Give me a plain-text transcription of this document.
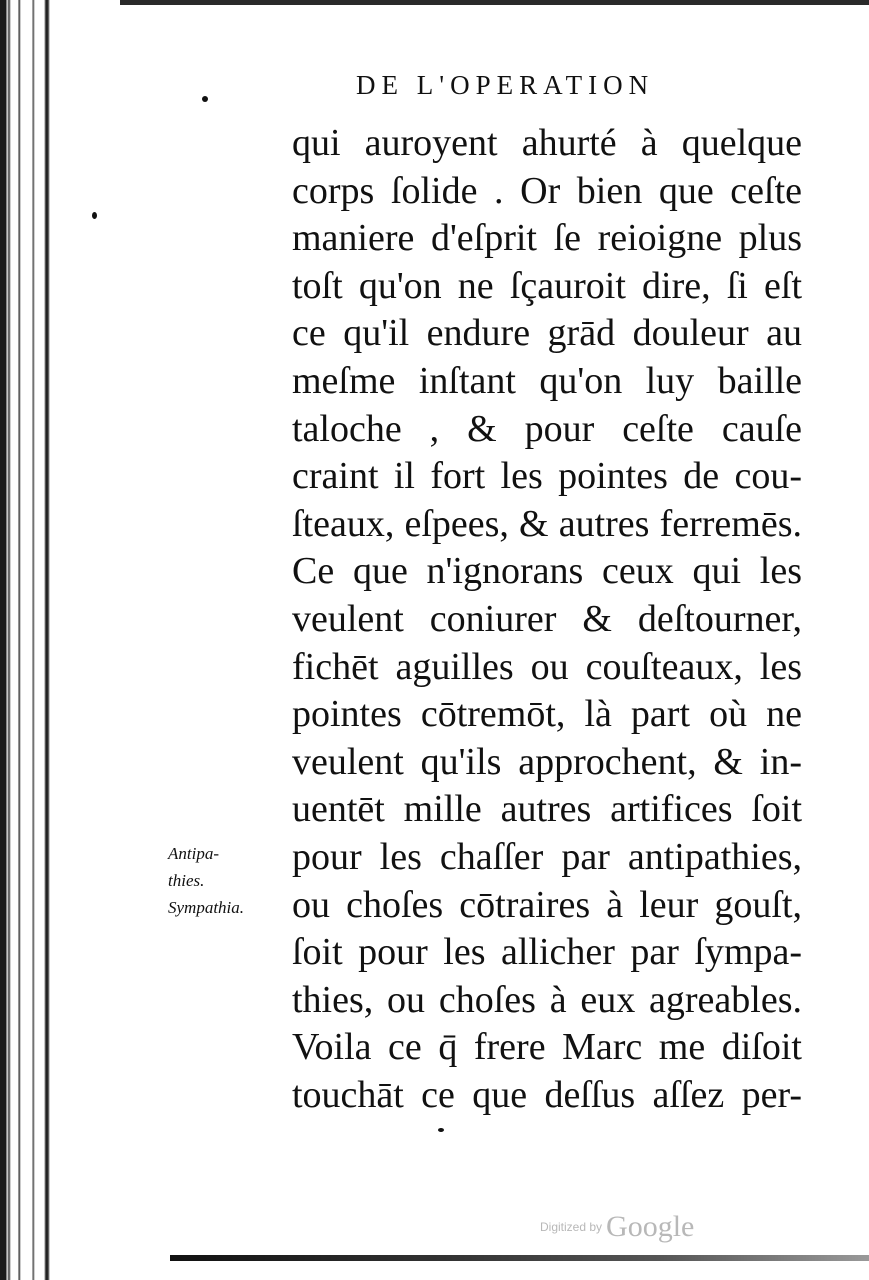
DE L'OPERATION
qui auroyent ahurté à quelque
corps ſolide . Or bien que ceſte
maniere d'eſprit ſe reioigne plus
toſt qu'on ne ſçauroit dire, ſi eſt
ce qu'il endure grād douleur au
meſme inſtant qu'on luy baille
taloche , & pour ceſte cauſe
craint il fort les pointes de cou-
ſteaux, eſpees, & autres ferremēs.
Ce que n'ignorans ceux qui les
veulent coniurer & deſtourner,
fichēt aguilles ou couſteaux, les
pointes cōtremōt, là part où ne
veulent qu'ils approchent, & in-
uentēt mille autres artifices ſoit
pour les chaſſer par antipathies,
ou choſes cōtraires à leur gouſt,
ſoit pour les allicher par ſympa-
thies, ou choſes à eux agreables.
Voila ce q̄ frere Marc me diſoit
touchāt ce que deſſus aſſez per-
Antipa-
thies.
Sympathia.
Digitized by Google
